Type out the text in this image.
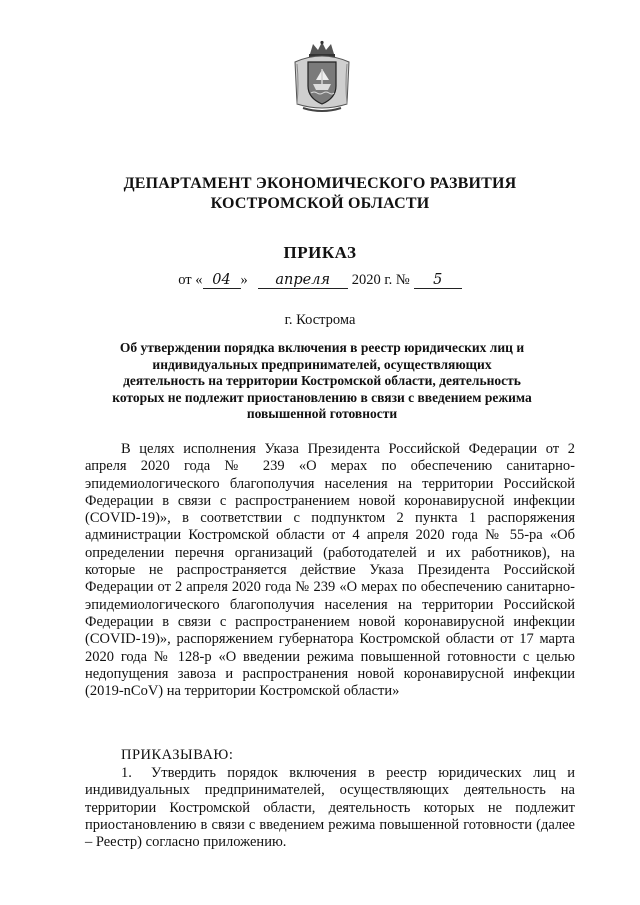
ДЕПАРТАМЕНТ ЭКОНОМИЧЕСКОГО РАЗВИТИЯ
КОСТРОМСКОЙ ОБЛАСТИ
ПРИКАЗ
от « 04 » апреля 2020 г. № 5
г. Кострома
Об утверждении порядка включения в реестр юридических лиц и индивидуальных предпринимателей, осуществляющих деятельность на территории Костромской области, деятельность которых не подлежит приостановлению в связи с введением режима повышенной готовности

В целях исполнения Указа Президента Российской Федерации от 2 апреля 2020 года № 239 «О мерах по обеспечению санитарно-эпидемиологического благополучия населения на территории Российской Федерации в связи с распространением новой коронавирусной инфекции (COVID-19)», в соответствии с подпунктом 2 пункта 1 распоряжения администрации Костромской области от 4 апреля 2020 года № 55-ра «Об определении перечня организаций (работодателей и их работников), на которые не распространяется действие Указа Президента Российской Федерации от 2 апреля 2020 года № 239 «О мерах по обеспечению санитарно-эпидемиологического благополучия населения на территории Российской Федерации в связи с распространением новой коронавирусной инфекции (COVID-19)», распоряжением губернатора Костромской области от 17 марта 2020 года № 128-р «О введении режима повышенной готовности с целью недопущения завоза и распространения новой коронавирусной инфекции (2019-nCoV) на территории Костромской области»

ПРИКАЗЫВАЮ:

1. Утвердить порядок включения в реестр юридических лиц и индивидуальных предпринимателей, осуществляющих деятельность на территории Костромской области, деятельность которых не подлежит приостановлению в связи с введением режима повышенной готовности (далее – Реестр) согласно приложению.
